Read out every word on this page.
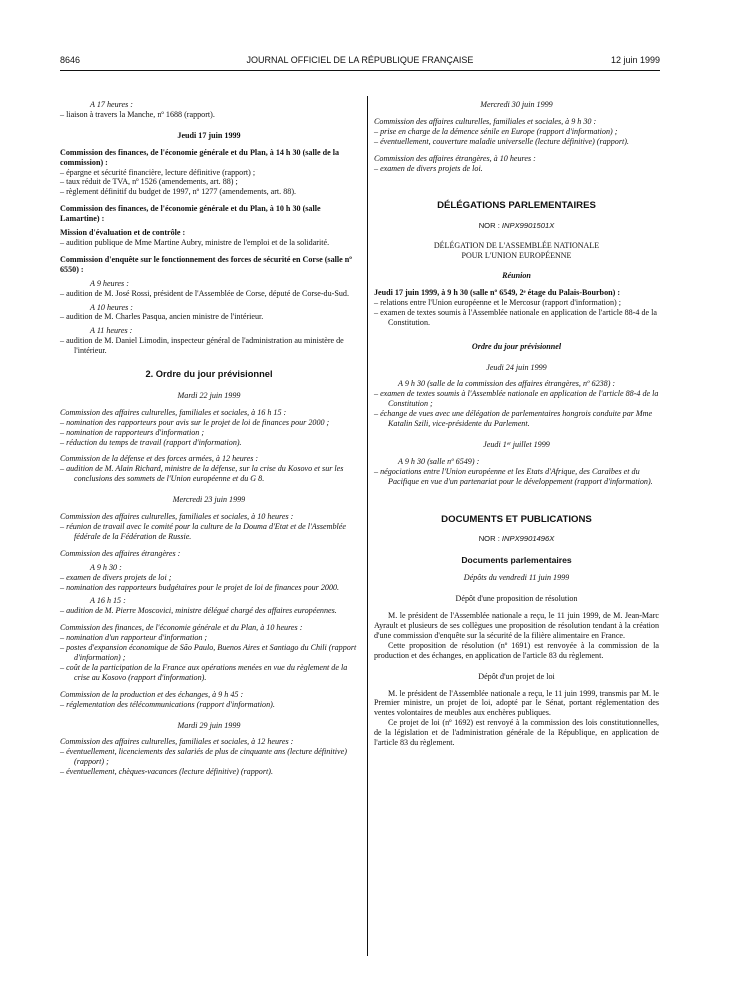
8646	JOURNAL OFFICIEL DE LA RÉPUBLIQUE FRANÇAISE	12 juin 1999

A 17 heures :

– liaison à travers la Manche, nº 1688 (rapport).

Jeudi 17 juin 1999

Commission des finances, de l'économie générale et du Plan, à 14 h 30 (salle de la commission) :

– épargne et sécurité financière, lecture définitive (rapport) ;

– taux réduit de TVA, nº 1526 (amendements, art. 88) ;

– règlement définitif du budget de 1997, nº 1277 (amendements, art. 88).

Commission des finances, de l'économie générale et du Plan, à 10 h 30 (salle Lamartine) :

Mission d'évaluation et de contrôle :

– audition publique de Mme Martine Aubry, ministre de l'emploi et de la solidarité.

Commission d'enquête sur le fonctionnement des forces de sécurité en Corse (salle nº 6550) :

A 9 heures :

– audition de M. José Rossi, président de l'Assemblée de Corse, député de Corse-du-Sud.

A 10 heures :

– audition de M. Charles Pasqua, ancien ministre de l'intérieur.

A 11 heures :

– audition de M. Daniel Limodin, inspecteur général de l'administration au ministère de l'intérieur.

2. Ordre du jour prévisionnel

Mardi 22 juin 1999

Commission des affaires culturelles, familiales et sociales, à 16 h 15 :

– nomination des rapporteurs pour avis sur le projet de loi de finances pour 2000 ;

– nomination de rapporteurs d'information ;

– réduction du temps de travail (rapport d'information).

Commission de la défense et des forces armées, à 12 heures :

– audition de M. Alain Richard, ministre de la défense, sur la crise du Kosovo et sur les conclusions des sommets de l'Union européenne et du G 8.

Mercredi 23 juin 1999

Commission des affaires culturelles, familiales et sociales, à 10 heures :

– réunion de travail avec le comité pour la culture de la Douma d'Etat et de l'Assemblée fédérale de la Fédération de Russie.

Commission des affaires étrangères :

A 9 h 30 :

– examen de divers projets de loi ;

– nomination des rapporteurs budgétaires pour le projet de loi de finances pour 2000.

A 16 h 15 :

– audition de M. Pierre Moscovici, ministre délégué chargé des affaires européennes.

Commission des finances, de l'économie générale et du Plan, à 10 heures :

– nomination d'un rapporteur d'information ;

– postes d'expansion économique de São Paulo, Buenos Aires et Santiago du Chili (rapport d'information) ;

– coût de la participation de la France aux opérations menées en vue du règlement de la crise au Kosovo (rapport d'information).

Commission de la production et des échanges, à 9 h 45 :

– réglementation des télécommunications (rapport d'information).

Mardi 29 juin 1999

Commission des affaires culturelles, familiales et sociales, à 12 heures :

– éventuellement, licenciements des salariés de plus de cinquante ans (lecture définitive) (rapport) ;

– éventuellement, chèques-vacances (lecture définitive) (rapport).

Mercredi 30 juin 1999

Commission des affaires culturelles, familiales et sociales, à 9 h 30 :

– prise en charge de la démence sénile en Europe (rapport d'information) ;

– éventuellement, couverture maladie universelle (lecture définitive) (rapport).

Commission des affaires étrangères, à 10 heures :

– examen de divers projets de loi.

DÉLÉGATIONS PARLEMENTAIRES

NOR : INPX9901501X

DÉLÉGATION DE L'ASSEMBLÉE NATIONALE

POUR L'UNION EUROPÉENNE

Réunion

Jeudi 17 juin 1999, à 9 h 30 (salle nº 6549, 2ᵉ étage du Palais-Bourbon) :

– relations entre l'Union européenne et le Mercosur (rapport d'information) ;

– examen de textes soumis à l'Assemblée nationale en application de l'article 88-4 de la Constitution.

Ordre du jour prévisionnel

Jeudi 24 juin 1999

A 9 h 30 (salle de la commission des affaires étrangères, nº 6238) :

– examen de textes soumis à l'Assemblée nationale en application de l'article 88-4 de la Constitution ;

– échange de vues avec une délégation de parlementaires hongrois conduite par Mme Katalin Szili, vice-présidente du Parlement.

Jeudi 1ᵉʳ juillet 1999

A 9 h 30 (salle nº 6549) :

– négociations entre l'Union européenne et les Etats d'Afrique, des Caraïbes et du Pacifique en vue d'un partenariat pour le développement (rapport d'information).

DOCUMENTS ET PUBLICATIONS

NOR : INPX9901496X

Documents parlementaires

Dépôts du vendredi 11 juin 1999

Dépôt d'une proposition de résolution

M. le président de l'Assemblée nationale a reçu, le 11 juin 1999, de M. Jean-Marc Ayrault et plusieurs de ses collègues une proposition de résolution tendant à la création d'une commission d'enquête sur la sécurité de la filière alimentaire en France.

Cette proposition de résolution (nº 1691) est renvoyée à la commission de la production et des échanges, en application de l'article 83 du règlement.

Dépôt d'un projet de loi

M. le président de l'Assemblée nationale a reçu, le 11 juin 1999, transmis par M. le Premier ministre, un projet de loi, adopté par le Sénat, portant réglementation des ventes volontaires de meubles aux enchères publiques.

Ce projet de loi (nº 1692) est renvoyé à la commission des lois constitutionnelles, de la législation et de l'administration générale de la République, en application de l'article 83 du règlement.
